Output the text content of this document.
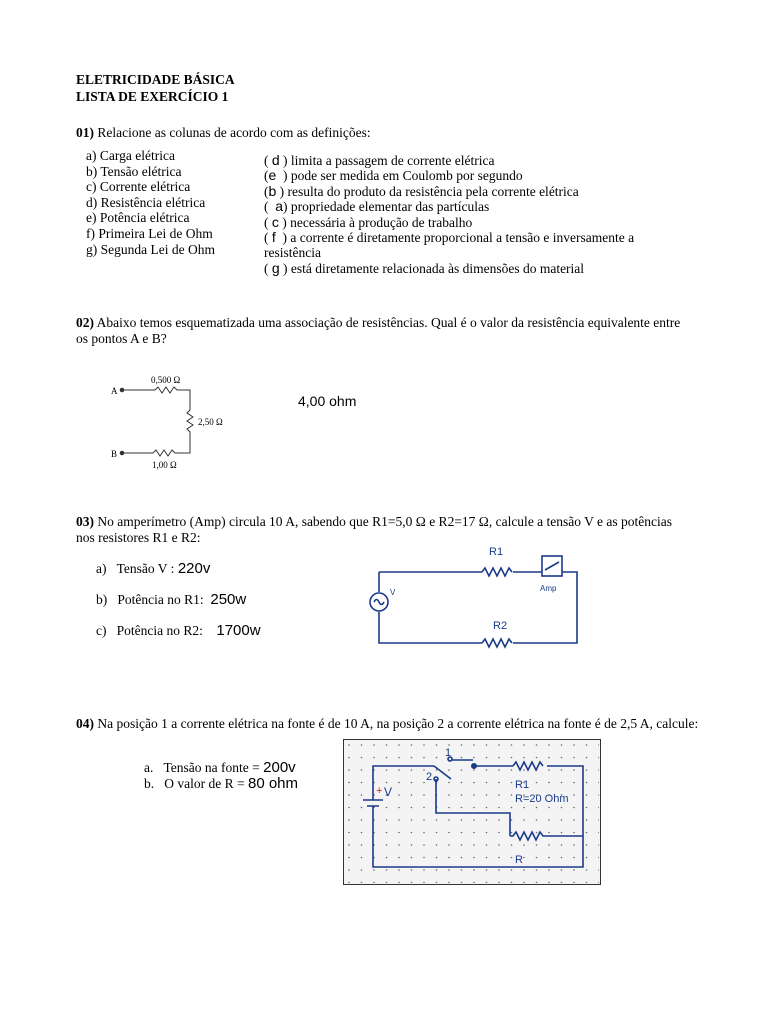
ELETRICIDADE BÁSICA
LISTA DE EXERCÍCIO 1
01) Relacione as colunas de acordo com as definições:
a) Carga elétrica
b) Tensão elétrica
c) Corrente elétrica
d) Resistência elétrica
e) Potência elétrica
f) Primeira Lei de Ohm
g) Segunda Lei de Ohm
( d ) limita a passagem de corrente elétrica
(e  ) pode ser medida em Coulomb por segundo
(b ) resulta do produto da resistência pela corrente elétrica
(  a) propriedade elementar das partículas
( c ) necessária à produção de trabalho
( f  ) a corrente é diretamente proporcional a tensão e inversamente a
resistência
( g ) está diretamente relacionada às dimensões do material
02) Abaixo temos esquematizada uma associação de resistências. Qual é o valor da resistência equivalente entre
os pontos A e B?
A
B
0,500 Ω
2,50 Ω
1,00 Ω
4,00 ohm
03) No amperímetro (Amp) circula 10 A, sabendo que R1=5,0 Ω e R2=17 Ω, calcule a tensão V e as potências
nos resistores R1 e R2:
a) Tensão V : 220v
b) Potência no R1: 250w
c) Potência no R2: 1700w
R1
R2
V	Amp
04) Na posição 1 a corrente elétrica na fonte é de 10 A, na posição 2 a corrente elétrica na fonte é de 2,5 A, calcule:
a. Tensão na fonte = 200v
b. O valor de R = 80 ohm	+ V
1
2
R1
R=20 Ohm
R
